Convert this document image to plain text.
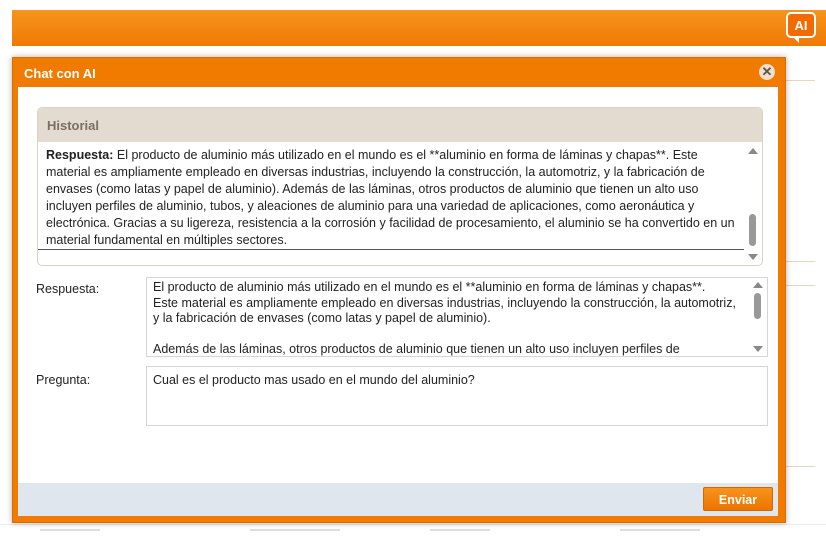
AI
Chat con AI	✕
Historial
Respuesta: El producto de aluminio más utilizado en el mundo es el **aluminio en forma de láminas y chapas**. Este material es ampliamente empleado en diversas industrias, incluyendo la construcción, la automotriz, y la fabricación de envases (como latas y papel de aluminio). Además de las láminas, otros productos de aluminio que tienen un alto uso incluyen perfiles de aluminio, tubos, y aleaciones de aluminio para una variedad de aplicaciones, como aeronáutica y electrónica. Gracias a su ligereza, resistencia a la corrosión y facilidad de procesamiento, el aluminio se ha convertido en un material fundamental en múltiples sectores.
Respuesta:	El producto de aluminio más utilizado en el mundo es el **aluminio en forma de láminas y chapas**.
Este material es ampliamente empleado en diversas industrias, incluyendo la construcción, la automotriz, y la fabricación de envases (como latas y papel de aluminio).

Además de las láminas, otros productos de aluminio que tienen un alto uso incluyen perfiles de
Pregunta:	Cual es el producto mas usado en el mundo del aluminio?
Enviar
